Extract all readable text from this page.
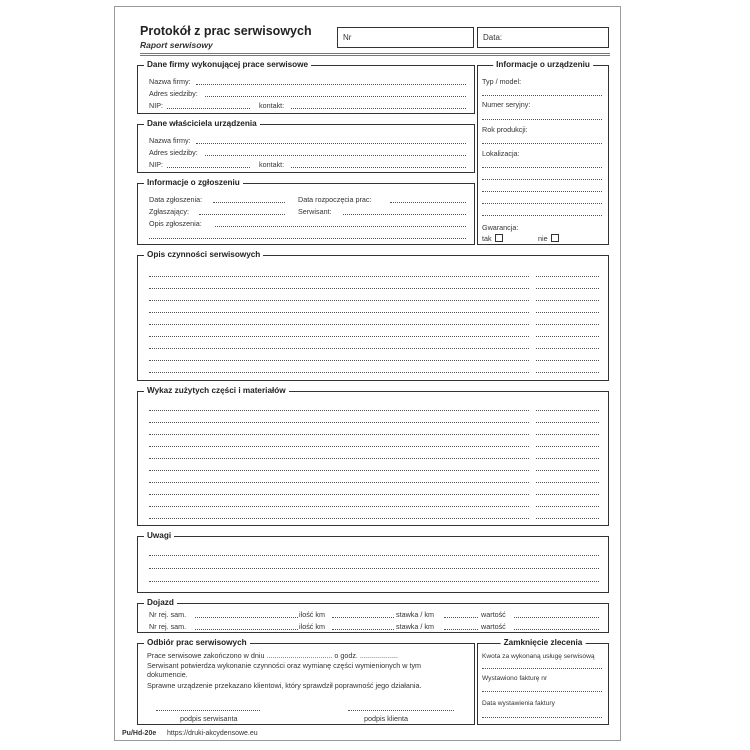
Protokół z prac serwisowych
Raport serwisowy
Nr	Data:
Dane firmy wykonującej prace serwisowe
Nazwa firmy:
Adres siedziby:
NIP:	kontakt:
Dane właściciela urządzenia
Nazwa firmy:
Adres siedziby:
NIP:	kontakt:
Informacje o zgłoszeniu
Data zgłoszenia:	Data rozpoczęcia prac:
Zgłaszający:	Serwisant:
Opis zgłoszenia:
Informacje o urządzeniu
Typ / model:
Numer seryjny:
Rok produkcji:
Lokalizacja:
Gwarancja:
tak	nie
Opis czynności serwisowych
Wykaz zużytych części i materiałów
Uwagi
Dojazd
Nr rej. sam.	ilość km	stawka / km	wartość
Nr rej. sam.	ilość km	stawka / km	wartość
Odbiór prac serwisowych
Prace serwisowe zakończono w dniu ................................. o godz. ...................
Serwisant potwierdza wykonanie czynności oraz wymianę części wymienionych w tym
dokumencie.
Sprawne urządzenie przekazano klientowi, który sprawdził poprawność jego działania.
podpis serwisanta	podpis klienta
Zamknięcie zlecenia
Kwota za wykonaną usługę serwisową
Wystawiono fakturę nr
Data wystawienia faktury
Pu/Hd-20e https://druki-akcydensowe.eu
